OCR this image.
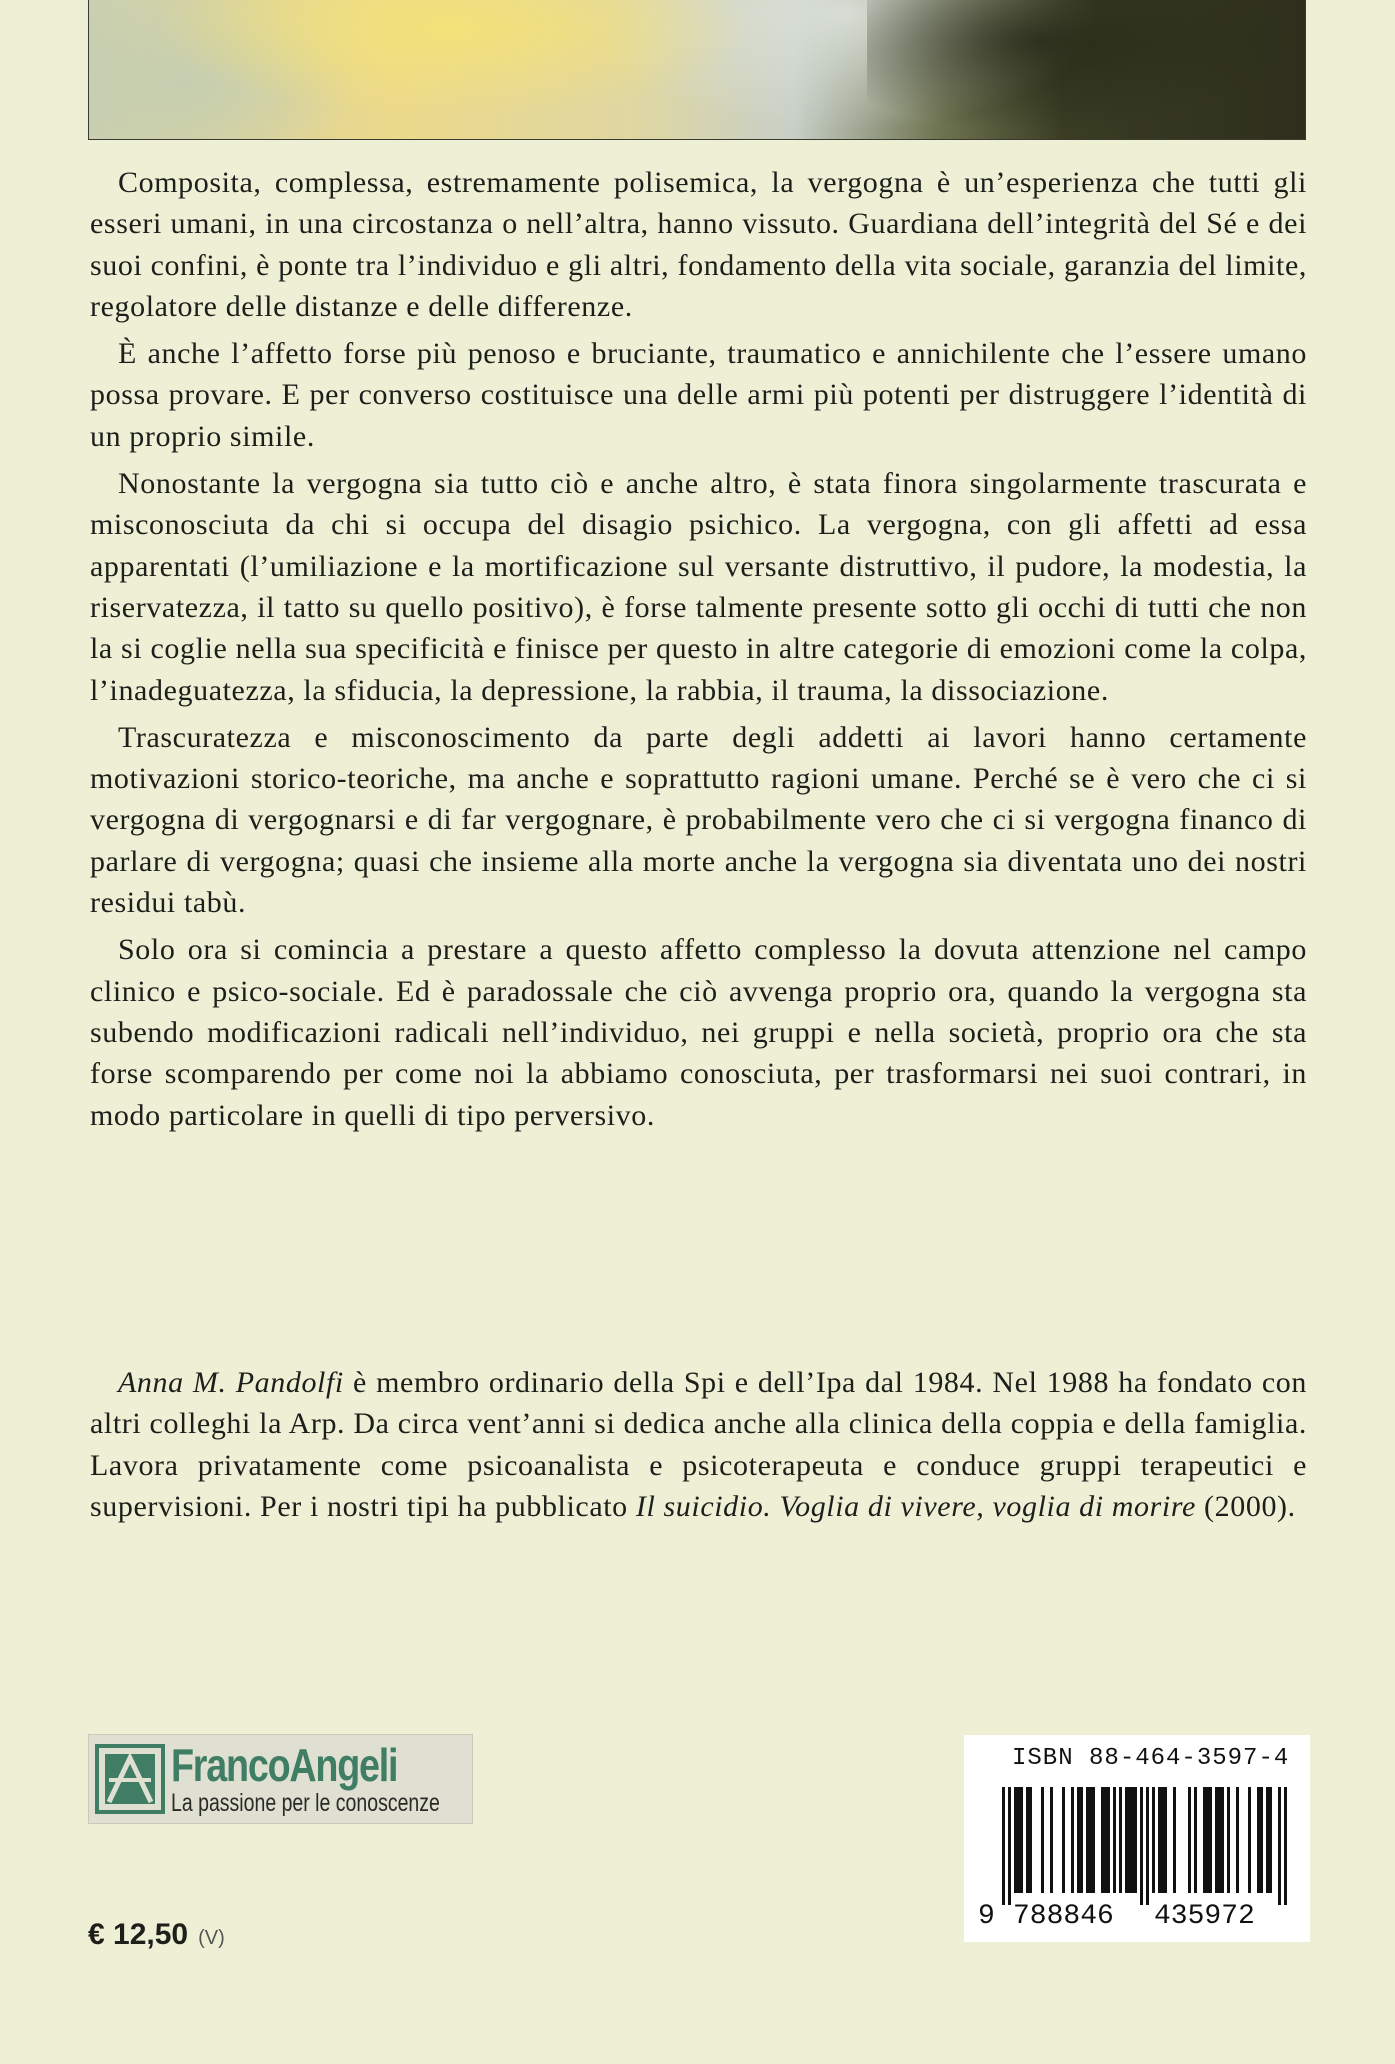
Composita, complessa, estremamente polisemica, la vergogna è un’esperienza che tutti gli esseri umani, in una circostanza o nell’altra, hanno vissuto. Guardiana dell’integrità del Sé e dei suoi confini, è ponte tra l’individuo e gli altri, fondamento della vita sociale, garanzia del limite, regolatore delle distanze e delle differenze.

È anche l’affetto forse più penoso e bruciante, traumatico e annichilente che l’essere umano possa provare. E per converso costituisce una delle armi più potenti per distruggere l’identità di un proprio simile.

Nonostante la vergogna sia tutto ciò e anche altro, è stata finora singolarmente trascurata e misconosciuta da chi si occupa del disagio psichico. La vergogna, con gli affetti ad essa apparentati (l’umiliazione e la mortificazione sul versante distruttivo, il pudore, la modestia, la riservatezza, il tatto su quello positivo), è forse talmente presente sotto gli occhi di tutti che non la si coglie nella sua specificità e finisce per questo in altre categorie di emozioni come la colpa, l’inadeguatezza, la sfiducia, la depressione, la rabbia, il trauma, la dissociazione.

Trascuratezza e misconoscimento da parte degli addetti ai lavori hanno certamente motivazioni storico-teoriche, ma anche e soprattutto ragioni umane. Perché se è vero che ci si vergogna di vergognarsi e di far vergognare, è probabilmente vero che ci si vergogna financo di parlare di vergogna; quasi che insieme alla morte anche la vergogna sia diventata uno dei nostri residui tabù.

Solo ora si comincia a prestare a questo affetto complesso la dovuta attenzione nel campo clinico e psico-sociale. Ed è paradossale che ciò avvenga proprio ora, quando la vergogna sta subendo modificazioni radicali nell’individuo, nei gruppi e nella società, proprio ora che sta forse scomparendo per come noi la abbiamo conosciuta, per trasformarsi nei suoi contrari, in modo particolare in quelli di tipo perversivo.

Anna M. Pandolfi è membro ordinario della Spi e dell’Ipa dal 1984. Nel 1988 ha fondato con altri colleghi la Arp. Da circa vent’anni si dedica anche alla clinica della coppia e della famiglia. Lavora privatamente come psicoanalista e psicoterapeuta e conduce gruppi terapeutici e supervisioni. Per i nostri tipi ha pubblicato Il suicidio. Voglia di vivere, voglia di morire (2000).

FrancoAngeli
La passione per le conoscenze
€ 12,50 (V)
ISBN 88-464-3597-4
9 788846 435972
